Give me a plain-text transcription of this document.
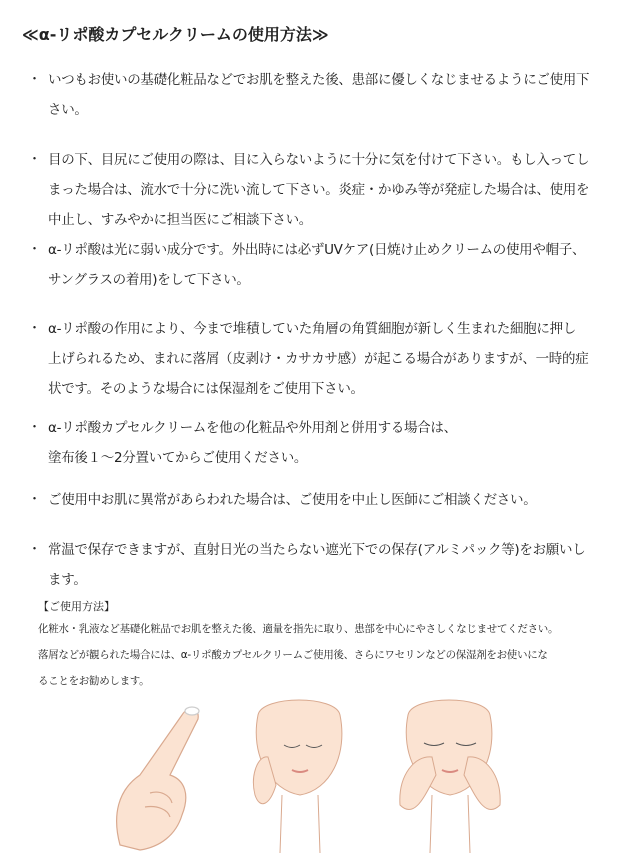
≪α-リポ酸カプセルクリームの使用方法≫
・ いつもお使いの基礎化粧品などでお肌を整えた後、患部に優しくなじませるようにご使用下
さい。
・ 目の下、目尻にご使用の際は、目に入らないように十分に気を付けて下さい。もし入ってし
まった場合は、流水で十分に洗い流して下さい。炎症・かゆみ等が発症した場合は、使用を
中止し、すみやかに担当医にご相談下さい。
・ α-リポ酸は光に弱い成分です。外出時には必ずUVケア(日焼け止めクリームの使用や帽子、
サングラスの着用)をして下さい。
・ α-リポ酸の作用により、今まで堆積していた角層の角質細胞が新しく生まれた細胞に押し
上げられるため、まれに落屑（皮剥け・カサカサ感）が起こる場合がありますが、一時的症
状です。そのような場合には保湿剤をご使用下さい。
・ α-リポ酸カプセルクリームを他の化粧品や外用剤と併用する場合は、
塗布後１～2分置いてからご使用ください。
・ ご使用中お肌に異常があらわれた場合は、ご使用を中止し医師にご相談ください。
・ 常温で保存できますが、直射日光の当たらない遮光下での保存(アルミパック等)をお願いし
ます。
【ご使用方法】
化粧水・乳液など基礎化粧品でお肌を整えた後、適量を指先に取り、患部を中心にやさしくなじませてください。
落屑などが観られた場合には、α-リポ酸カプセルクリームご使用後、さらにワセリンなどの保湿剤をお使いにな
ることをお勧めします。
